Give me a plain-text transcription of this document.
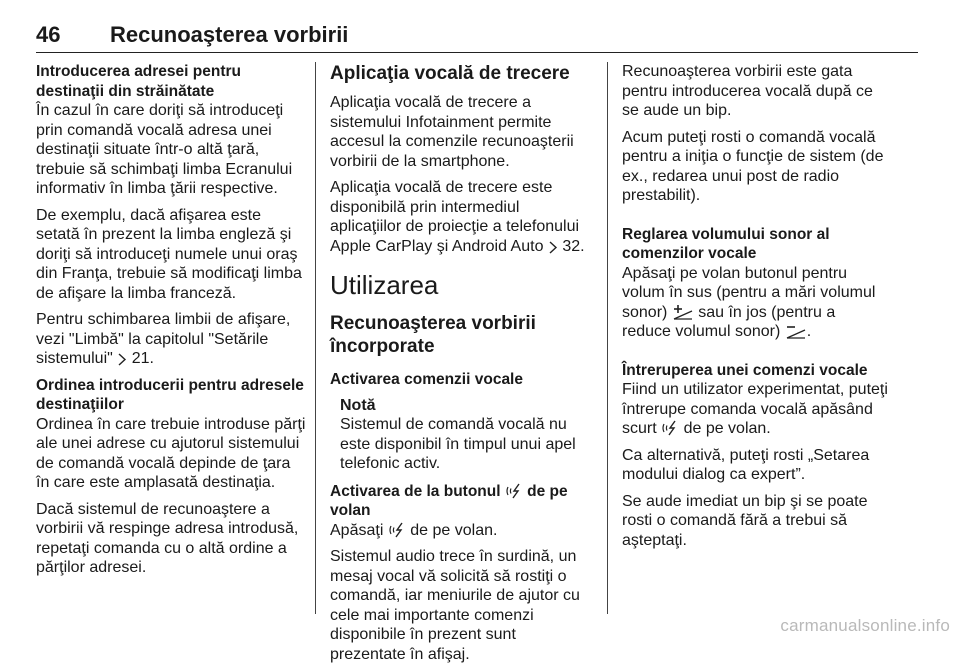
46	Recunoaşterea vorbirii
Introducerea adresei pentru destinaţii din străinătate

În cazul în care doriţi să introduceţi prin comandă vocală adresa unei destinaţii situate într-o altă ţară, trebuie să schimbaţi limba Ecranului informativ în limba ţării respective.

De exemplu, dacă afişarea este setată în prezent la limba engleză şi doriţi să introduceţi numele unui oraş din Franţa, trebuie să modificaţi limba de afişare la limba franceză.

Pentru schimbarea limbii de afişare, vezi "Limbă" la capitolul "Setările sistemului"  21.

Ordinea introducerii pentru adresele destinaţiilor

Ordinea în care trebuie introduse părţi ale unei adrese cu ajutorul sistemului de comandă vocală depinde de ţara în care este amplasată destinaţia.

Dacă sistemul de recunoaştere a vorbirii vă respinge adresa introdusă, repetaţi comanda cu o altă ordine a părţilor adresei.

Aplicaţia vocală de trecere

Aplicaţia vocală de trecere a sistemului Infotainment permite accesul la comenzile recunoaşterii vorbirii de la smartphone.

Aplicaţia vocală de trecere este disponibilă prin intermediul aplicaţiilor de proiecţie a telefonului Apple CarPlay şi Android Auto  32.

Utilizarea
Recunoaşterea vorbirii încorporate
Activarea comenzii vocale
Notă
Sistemul de comandă vocală nu este disponibil în timpul unui apel telefonic activ.
Activarea de la butonul  de pe volan

Apăsaţi  de pe volan.

Sistemul audio trece în surdină, un mesaj vocal vă solicită să rostiţi o comandă, iar meniurile de ajutor cu cele mai importante comenzi disponibile în prezent sunt prezentate în afişaj.

Recunoaşterea vorbirii este gata pentru introducerea vocală după ce se aude un bip.

Acum puteţi rosti o comandă vocală pentru a iniţia o funcţie de sistem (de ex., redarea unui post de radio prestabilit).

Reglarea volumului sonor al comenzilor vocale

Apăsaţi pe volan butonul pentru volum în sus (pentru a mări volumul sonor)  sau în jos (pentru a reduce volumul sonor) .

Întreruperea unei comenzi vocale

Fiind un utilizator experimentat, puteţi întrerupe comanda vocală apăsând scurt  de pe volan.

Ca alternativă, puteţi rosti „Setarea modului dialog ca expert”.

Se aude imediat un bip şi se poate rosti o comandă fără a trebui să aşteptaţi.

carmanualsonline.info
